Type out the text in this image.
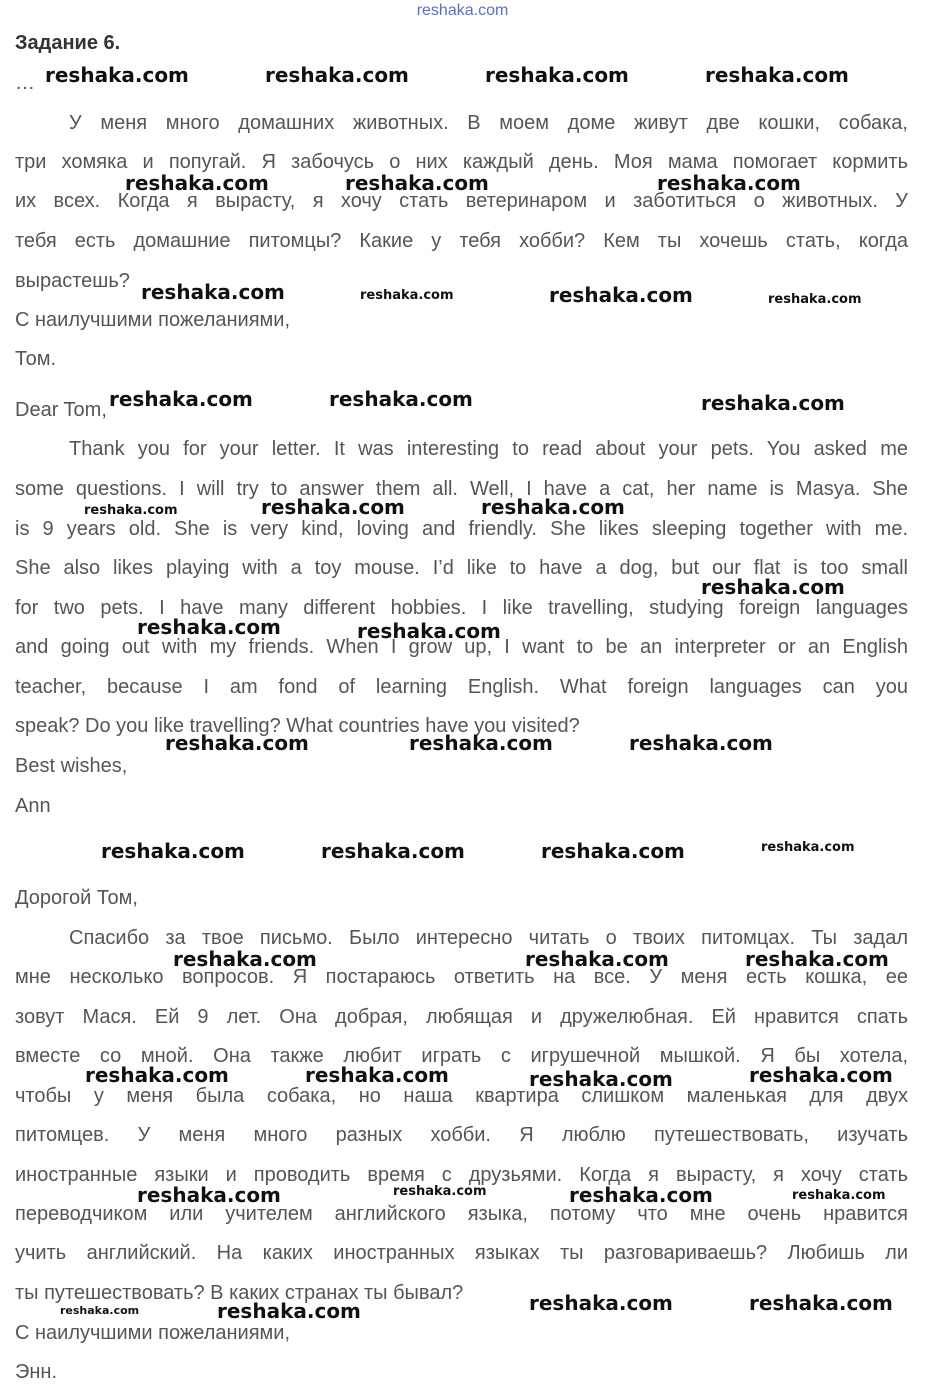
reshaka.com
Задание 6.
…
У меня много домашних животных. В моем доме живут две кошки, собака,
три хомяка и попугай. Я забочусь о них каждый день. Моя мама помогает кормить
их всех. Когда я вырасту, я хочу стать ветеринаром и заботиться о животных. У
тебя есть домашние питомцы? Какие у тебя хобби? Кем ты хочешь стать, когда
вырастешь?
С наилучшими пожеланиями,
Том.
Dear Tom,
Thank you for your letter. It was interesting to read about your pets. You asked me
some questions. I will try to answer them all. Well, I have a cat, her name is Masya. She
is 9 years old. She is very kind, loving and friendly. She likes sleeping together with me.
She also likes playing with a toy mouse. I’d like to have a dog, but our flat is too small
for two pets. I have many different hobbies. I like travelling, studying foreign languages
and going out with my friends. When I grow up, I want to be an interpreter or an English
teacher, because I am fond of learning English. What foreign languages can you
speak? Do you like travelling? What countries have you visited?
Best wishes,
Ann
Дорогой Том,
Спасибо за твое письмо. Было интересно читать о твоих питомцах. Ты задал
мне несколько вопросов. Я постараюсь ответить на все. У меня есть кошка, ее
зовут Мася. Ей 9 лет. Она добрая, любящая и дружелюбная. Ей нравится спать
вместе со мной. Она также любит играть с игрушечной мышкой. Я бы хотела,
чтобы у меня была собака, но наша квартира слишком маленькая для двух
питомцев. У меня много разных хобби. Я люблю путешествовать, изучать
иностранные языки и проводить время с друзьями. Когда я вырасту, я хочу стать
переводчиком или учителем английского языка, потому что мне очень нравится
учить английский. На каких иностранных языках ты разговариваешь? Любишь ли
ты путешествовать? В каких странах ты бывал?
С наилучшими пожеланиями,
Энн.
reshaka.com	reshaka.com	reshaka.com	reshaka.com
reshaka.com	reshaka.com	reshaka.com
reshaka.com	reshaka.com	reshaka.com	reshaka.com
reshaka.com	reshaka.com	reshaka.com
reshaka.com	reshaka.com	reshaka.com
reshaka.com
reshaka.com	reshaka.com
reshaka.com	reshaka.com	reshaka.com
reshaka.com	reshaka.com	reshaka.com	reshaka.com
reshaka.com	reshaka.com	reshaka.com
reshaka.com	reshaka.com	reshaka.com	reshaka.com
reshaka.com	reshaka.com	reshaka.com	reshaka.com
reshaka.com	reshaka.com	reshaka.com	reshaka.com
